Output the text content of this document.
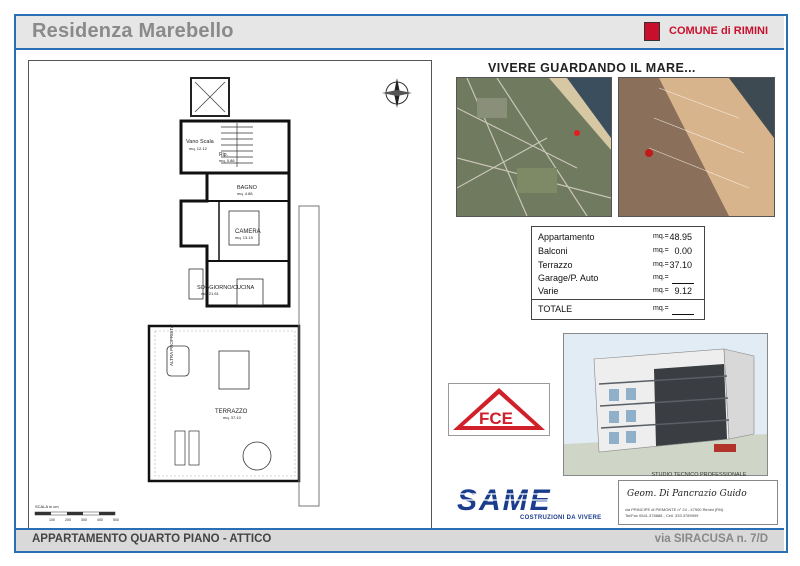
Residenza Marebello	COMUNE di RIMINI
Vano Scala
mq. 12.12
Rip.
mq. 0.86
BAGNO
mq. 4.86
CAMERA
mq. 13.19
SOGGIORNO/CUCINA
mq. 21.61
TERRAZZO
mq. 37.10
ALTRA PROPRIETA'
SCALA in cm
100	200	300	400	500
VIVERE GUARDANDO IL MARE...
Appartamento	mq.= 48.95
Balconi	mq.= 0.00
Terrazzo	mq.= 37.10
Garage/P. Auto	mq.=
Varie	mq.= 9.12
TOTALE	mq.=
FCE
SAME
COSTRUZIONI DA VIVERE
STUDIO TECNICO PROFESSIONALE
Geom. Di Pancrazio Guido
via PRINCIPE di PIEMONTE n° 24 - 47900 Rimini (RN)
Tel/Fax 0541.378888 - Cell. 333.3789999
APPARTAMENTO QUARTO PIANO - ATTICO	via SIRACUSA n. 7/D
